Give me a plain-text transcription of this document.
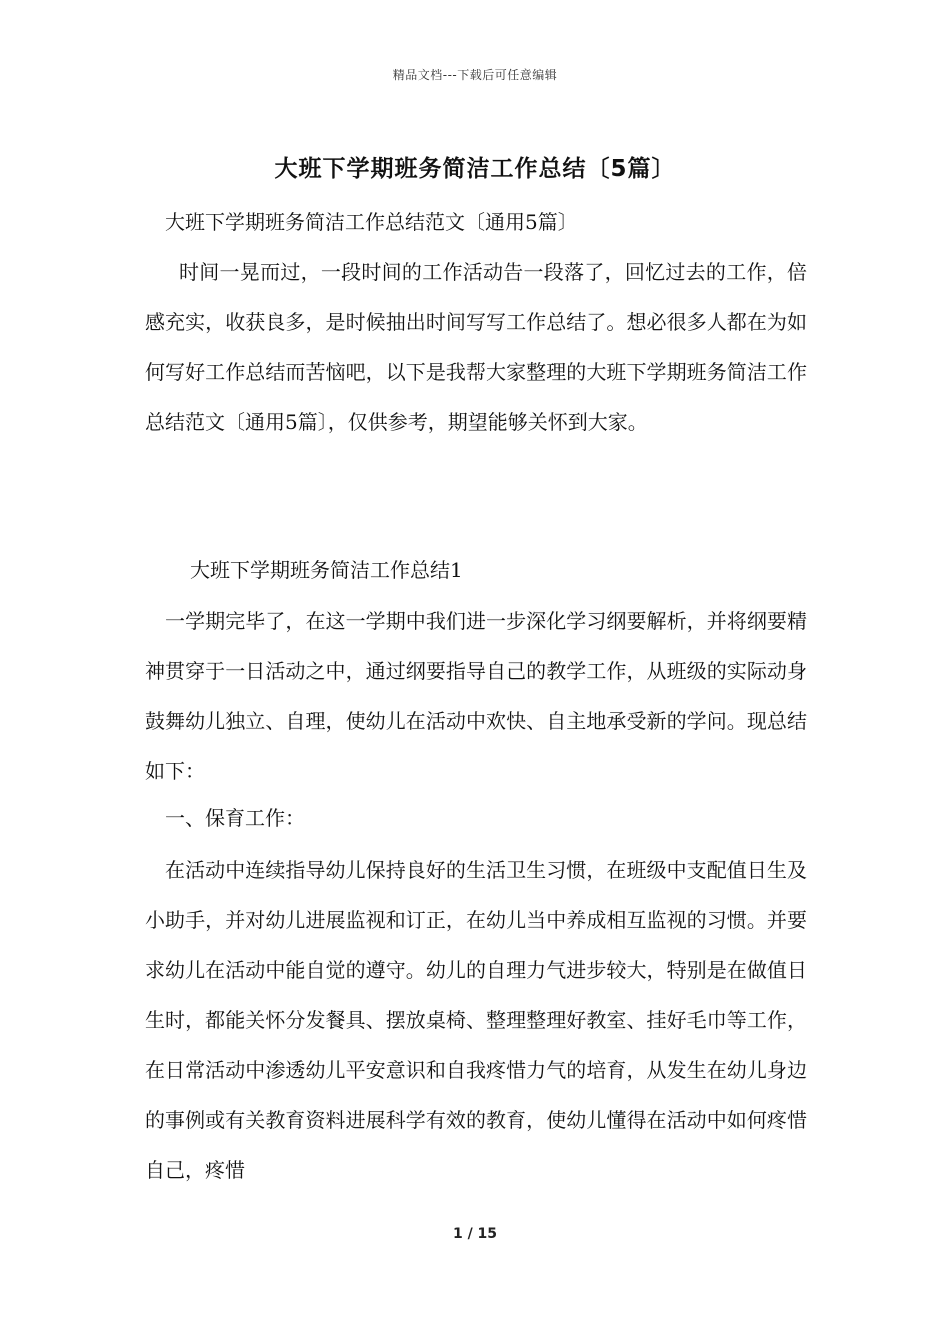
精品文档---下载后可任意编辑
大班下学期班务简洁工作总结〔5篇〕
大班下学期班务简洁工作总结范文〔通用5篇〕
时间一晃而过，一段时间的工作活动告一段落了，回忆过去的工作，倍感充实，收获良多，是时候抽出时间写写工作总结了。想必很多人都在为如何写好工作总结而苦恼吧，以下是我帮大家整理的大班下学期班务简洁工作总结范文〔通用5篇〕，仅供参考，期望能够关怀到大家。
大班下学期班务简洁工作总结1
一学期完毕了，在这一学期中我们进一步深化学习纲要解析，并将纲要精神贯穿于一日活动之中，通过纲要指导自己的教学工作，从班级的实际动身鼓舞幼儿独立、自理，使幼儿在活动中欢快、自主地承受新的学问。现总结如下：
一、保育工作：
在活动中连续指导幼儿保持良好的生活卫生习惯，在班级中支配值日生及小助手，并对幼儿进展监视和订正，在幼儿当中养成相互监视的习惯。并要求幼儿在活动中能自觉的遵守。幼儿的自理力气进步较大，特别是在做值日生时，都能关怀分发餐具、摆放桌椅、整理整理好教室、挂好毛巾等工作，在日常活动中渗透幼儿平安意识和自我疼惜力气的培育，从发生在幼儿身边的事例或有关教育资料进展科学有效的教育，使幼儿懂得在活动中如何疼惜自己，疼惜
1 / 15
